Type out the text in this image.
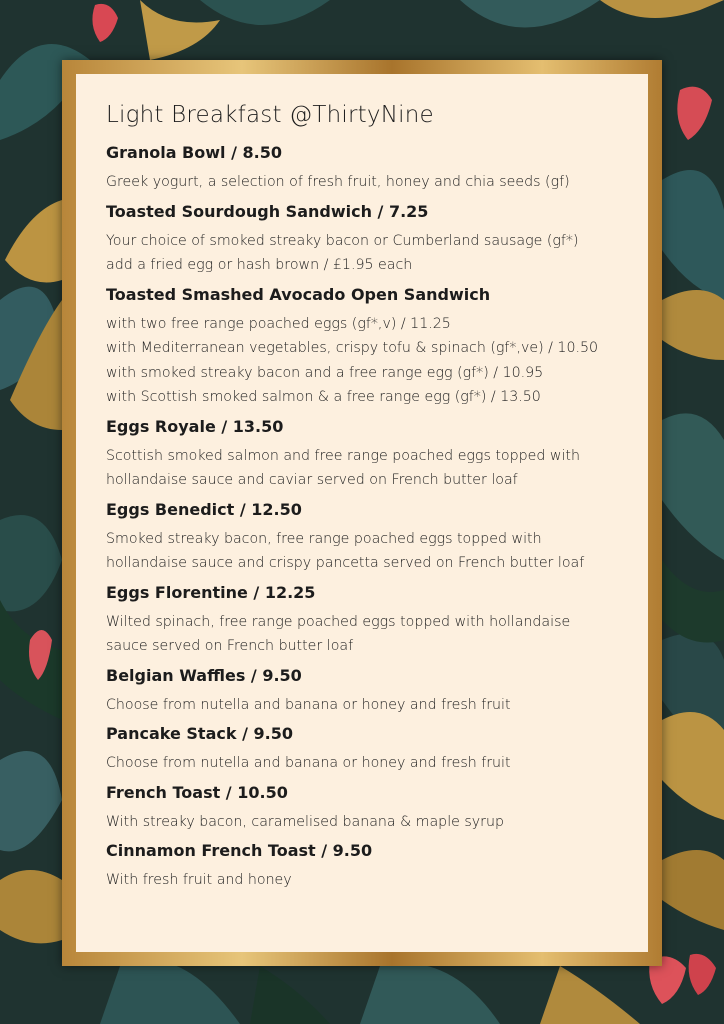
Light Breakfast @ThirtyNine
Granola Bowl / 8.50
Greek yogurt, a selection of fresh fruit, honey and chia seeds (gf)
Toasted Sourdough Sandwich / 7.25
Your choice of smoked streaky bacon or Cumberland sausage (gf*)
add a fried egg or hash brown / £1.95 each
Toasted Smashed Avocado Open Sandwich
with two free range poached eggs (gf*,v) / 11.25
with Mediterranean vegetables, crispy tofu & spinach (gf*,ve) / 10.50
with smoked streaky bacon and a free range egg (gf*) / 10.95
with Scottish smoked salmon & a free range egg (gf*) / 13.50
Eggs Royale / 13.50
Scottish smoked salmon and free range poached eggs topped with
hollandaise sauce and caviar served on French butter loaf
Eggs Benedict / 12.50
Smoked streaky bacon, free range poached eggs topped with
hollandaise sauce and crispy pancetta served on French butter loaf
Eggs Florentine / 12.25
Wilted spinach, free range poached eggs topped with hollandaise
sauce served on French butter loaf
Belgian Waffles / 9.50
Choose from nutella and banana or honey and fresh fruit
Pancake Stack / 9.50
Choose from nutella and banana or honey and fresh fruit
French Toast / 10.50
With streaky bacon, caramelised banana & maple syrup
Cinnamon French Toast / 9.50
With fresh fruit and honey
